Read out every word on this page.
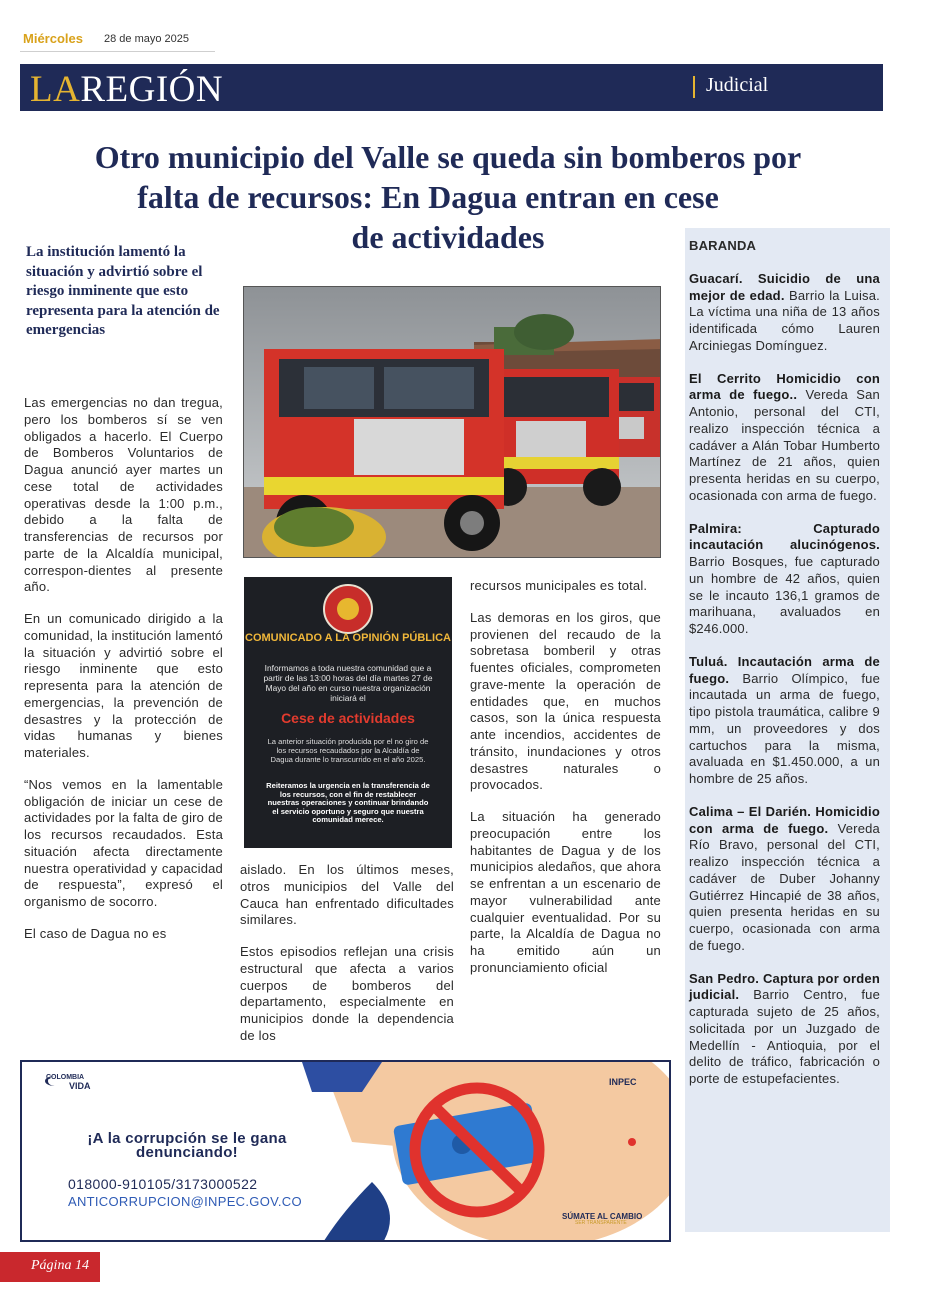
Miércoles 28 de mayo 2025
LAREGIÓN	Judicial
Otro municipio del Valle se queda sin bomberos por
falta de recursos: En Dagua entran en cese
de actividades
La institución lamentó la situación y advirtió sobre el riesgo inminente que esto representa para la atención de emergencias
COMUNICADO A LA OPINIÓN PÚBLICA
Informamos a toda nuestra comunidad que a partir de las 13:00 horas del día martes 27 de Mayo del año en curso nuestra organización iniciará el
Cese de actividades
La anterior situación producida por el no giro de los recursos recaudados por la Alcaldía de Dagua durante lo transcurrido en el año 2025.
Reiteramos la urgencia en la transferencia de los recursos, con el fin de restablecer nuestras operaciones y continuar brindando el servicio oportuno y seguro que nuestra comunidad merece.

Las emergencias no dan tregua, pero los bomberos sí se ven obligados a hacerlo. El Cuerpo de Bomberos Voluntarios de Dagua anunció ayer martes un cese total de actividades operativas desde la 1:00 p.m., debido a la falta de transferencias de recursos por parte de la Alcaldía municipal, correspon-dientes al presente año.

En un comunicado dirigido a la comunidad, la institución lamentó la situación y advirtió sobre el riesgo inminente que esto representa para la atención de emergencias, la prevención de desastres y la protección de vidas humanas y bienes materiales.

“Nos vemos en la lamentable obligación de iniciar un cese de actividades por la falta de giro de los recursos recaudados. Esta situación afecta directamente nuestra operatividad y capacidad de respuesta”, expresó el organismo de socorro.

El caso de Dagua no es

aislado. En los últimos meses, otros municipios del Valle del Cauca han enfrentado dificultades similares.

Estos episodios reflejan una crisis estructural que afecta a varios cuerpos de bomberos del departamento, especialmente en municipios donde la dependencia de los

recursos municipales es total.

Las demoras en los giros, que provienen del recaudo de la sobretasa bomberil y otras fuentes oficiales, comprometen grave-mente la operación de entidades que, en muchos casos, son la única respuesta ante incendios, accidentes de tránsito, inundaciones y otros desastres naturales o provocados.

La situación ha generado preocupación entre los habitantes de Dagua y de los municipios aledaños, que ahora se enfrentan a un escenario de mayor vulnerabilidad ante cualquier eventualidad. Por su parte, la Alcaldía de Dagua no ha emitido aún un pronunciamiento oficial

BARANDA

Guacarí. Suicidio de una mejor de edad. Barrio la Luisa. La víctima una niña de 13 años identificada cómo Lauren Arciniegas Domínguez.

El Cerrito Homicidio con arma de fuego.. Vereda San Antonio, personal del CTI, realizo inspección técnica a cadáver a Alán Tobar Humberto Martínez de 21 años, quien presenta heridas en su cuerpo, ocasionada con arma de fuego.

Palmira: Capturado incautación alucinógenos. Barrio Bosques, fue capturado un hombre de 42 años, quien se le incauto 136,1 gramos de marihuana, avaluados en $246.000.

Tuluá. Incautación arma de fuego. Barrio Olímpico, fue incautada un arma de fuego, tipo pistola traumática, calibre 9 mm, un proveedores y dos cartuchos para la misma, avaluada en $1.450.000, a un hombre de 25 años.

Calima – El Darién. Homicidio con arma de fuego. Vereda Río Bravo, personal del CTI, realizo inspección técnica a cadáver de Duber Johanny Gutiérrez Hincapié de 38 años, quien presenta heridas en su cuerpo, ocasionada con arma de fuego.

San Pedro. Captura por orden judicial. Barrio Centro, fue capturada sujeto de 25 años, solicitada por un Juzgado de Medellín - Antioquia, por el delito de tráfico, fabricación o porte de estupefacientes.

COLOMBIA
VIDA	INPEC
¡A la corrupción se le gana
denunciando!
018000-910105/3173000522
ANTICORRUPCION@INPEC.GOV.CO
SÚMATE AL CAMBIO
SER TRANSPARENTE
Página 14
